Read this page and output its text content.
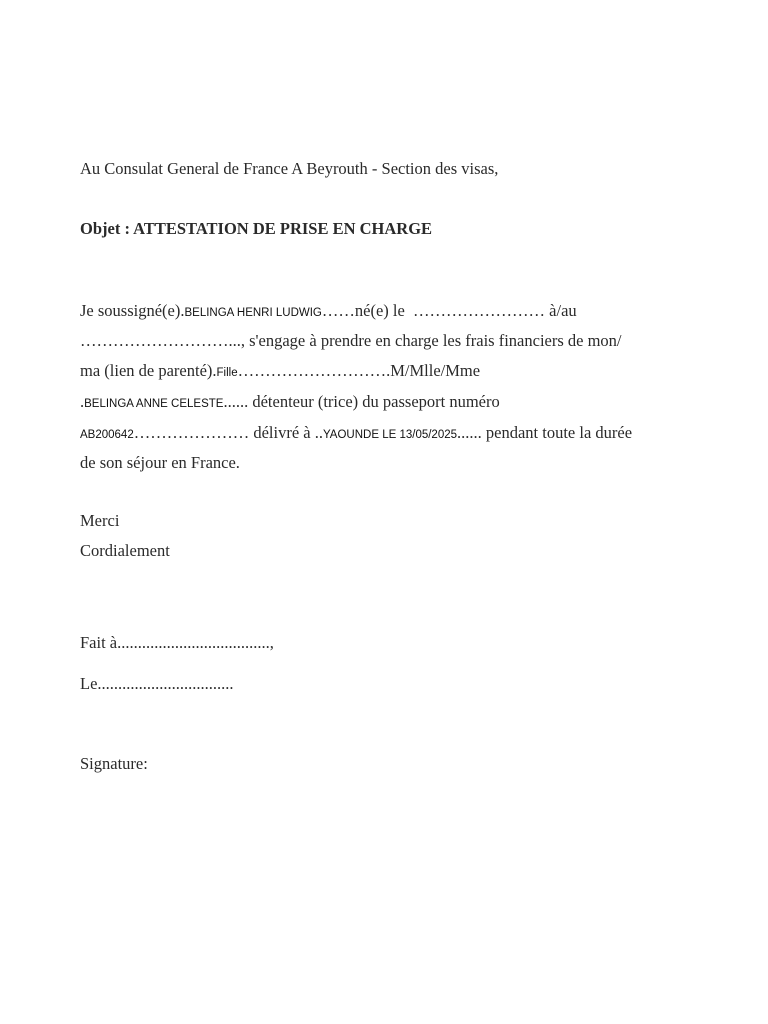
Au Consulat General de France A Beyrouth - Section des visas,
Objet : ATTESTATION DE PRISE EN CHARGE
Je soussigné(e).BELINGA HENRI LUDWIG……né(e) le  …………………… à/au
………………………..., s'engage à prendre en charge les frais financiers de mon/
ma (lien de parenté).Fille……………………….M/Mlle/Mme
.BELINGA ANNE CELESTE...... détenteur (trice) du passeport numéro
AB200642………………… délivré à ..YAOUNDE LE 13/05/2025...... pendant toute la durée
de son séjour en France.
Merci
Cordialement
Fait à.....................................,
Le.................................
Signature:
